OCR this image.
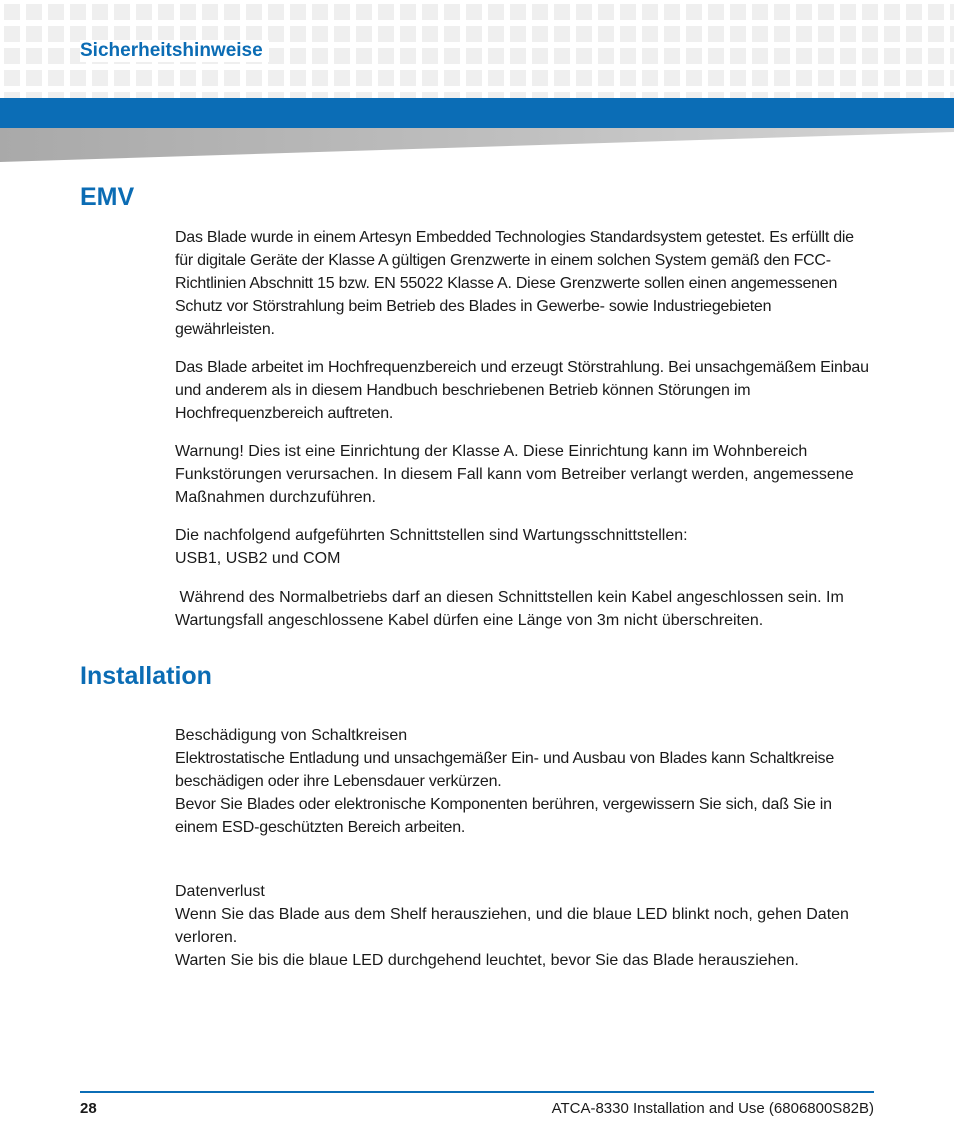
Sicherheitshinweise
EMV

Das Blade wurde in einem Artesyn Embedded Technologies Standardsystem getestet. Es erfüllt die für digitale Geräte der Klasse A gültigen Grenzwerte in einem solchen System gemäß den FCC-Richtlinien Abschnitt 15 bzw. EN 55022 Klasse A. Diese Grenzwerte sollen einen angemessenen Schutz vor Störstrahlung beim Betrieb des Blades in Gewerbe- sowie Industriegebieten gewährleisten.

Das Blade arbeitet im Hochfrequenzbereich und erzeugt Störstrahlung. Bei unsachgemäßem Einbau und anderem als in diesem Handbuch beschriebenen Betrieb können Störungen im Hochfrequenzbereich auftreten.

Warnung! Dies ist eine Einrichtung der Klasse A. Diese Einrichtung kann im Wohnbereich Funkstörungen verursachen. In diesem Fall kann vom Betreiber verlangt werden, angemessene Maßnahmen durchzuführen.

Die nachfolgend aufgeführten Schnittstellen sind Wartungsschnittstellen:

USB1, USB2 und COM

Während des Normalbetriebs darf an diesen Schnittstellen kein Kabel angeschlossen sein. Im Wartungsfall angeschlossene Kabel dürfen eine Länge von 3m nicht überschreiten.

Installation

Beschädigung von Schaltkreisen

Elektrostatische Entladung und unsachgemäßer Ein- und Ausbau von Blades kann Schaltkreise beschädigen oder ihre Lebensdauer verkürzen.

Bevor Sie Blades oder elektronische Komponenten berühren, vergewissern Sie sich, daß Sie in einem ESD-geschützten Bereich arbeiten.

Datenverlust

Wenn Sie das Blade aus dem Shelf herausziehen, und die blaue LED blinkt noch, gehen Daten verloren.

Warten Sie bis die blaue LED durchgehend leuchtet, bevor Sie das Blade herausziehen.

28	ATCA-8330 Installation and Use (6806800S82B)
